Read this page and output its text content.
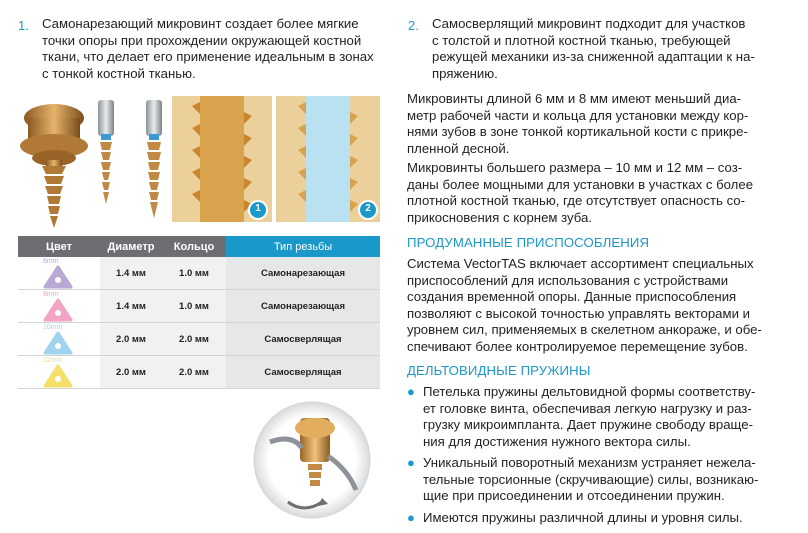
1. Самонарезающий микровинт создает более мягкие
точки опоры при прохождении окружающей костной
ткани, что делает его применение идеальным в зонах
с тонкой костной тканью.
1	2
Цвет	Диаметр	Кольцо	Тип резьбы

6mm	1.4 мм	1.0 мм	Самонарезающая

8mm	1.4 мм	1.0 мм	Самонарезающая

10mm	2.0 мм	2.0 мм	Самосверлящая

12mm	2.0 мм	2.0 мм	Самосверлящая
2. Самосверлящий микровинт подходит для участков
с толстой и плотной костной тканью, требующей
режущей механики из-за сниженной адаптации к на-
пряжению.
Микровинты длиной 6 мм и 8 мм имеют меньший диа-
метр рабочей части и кольца для установки между кор-
нями зубов в зоне тонкой кортикальной кости с прикре-
пленной десной.
Микровинты большего размера – 10 мм и 12 мм – соз-
даны более мощными для установки в участках с более
плотной костной тканью, где отсутствует опасность со-
прикосновения с корнем зуба.
ПРОДУМАННЫЕ ПРИСПОСОБЛЕНИЯ
Система VectorTAS включает ассортимент специальных
приспособлений для использования с устройствами
создания временной опоры. Данные приспособления
позволяют с высокой точностью управлять векторами и
уровнем сил, применяемых в скелетном анкораже, и обе-
спечивают более контролируемое перемещение зубов.
ДЕЛЬТОВИДНЫЕ ПРУЖИНЫ
● Петелька пружины дельтовидной формы соответству-
ет головке винта, обеспечивая легкую нагрузку и раз-
грузку микроимпланта. Дает пружине свободу враще-
ния для достижения нужного вектора силы.
● Уникальный поворотный механизм устраняет нежела-
тельные торсионные (скручивающие) силы, возникаю-
щие при присоединении и отсоединении пружин.
● Имеются пружины различной длины и уровня силы.
